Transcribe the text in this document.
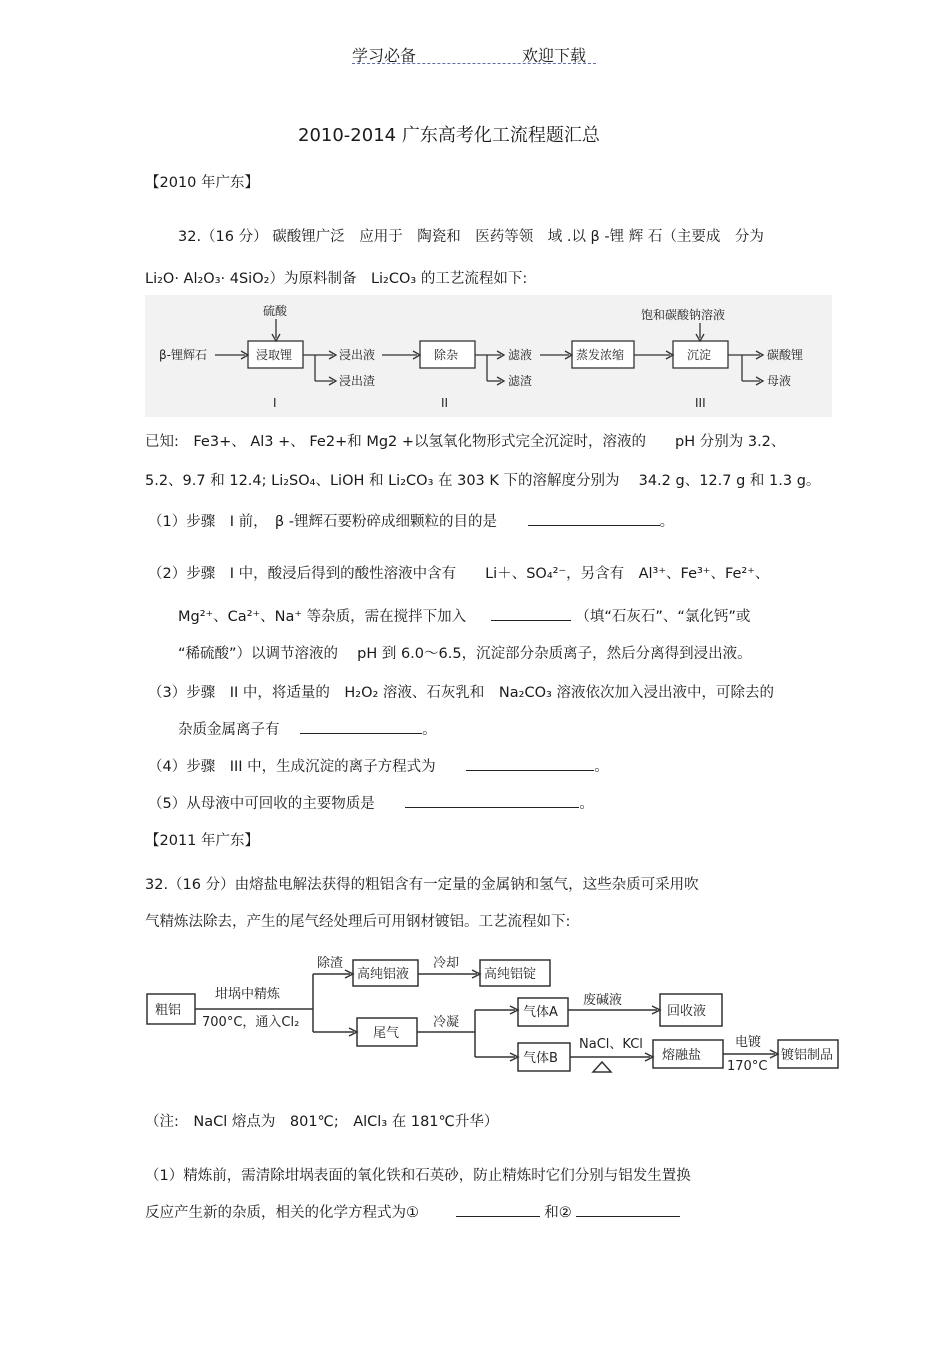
学习必备	欢迎下载
2010-2014 广东高考化工流程题汇总
【2010 年广东】
32.（16 分） 碳酸锂广泛　应用于　陶瓷和　医药等领　域 .以 β -锂 辉 石（主要成　分为
Li₂O· Al₂O₃· 4SiO₂）为原料制备　Li₂CO₃ 的工艺流程如下:
β-锂辉石
硫酸
浸取锂	浸出液
浸出渣
除杂	滤液
滤渣
蒸发浓缩
饱和碳酸钠溶液
沉淀	碳酸锂
母液
I	II	III
已知:　Fe3+、 Al3 +、 Fe2+和 Mg2 +以氢氧化物形式完全沉淀时，溶液的　　pH 分别为 3.2、
5.2、9.7 和 12.4; Li₂SO₄、LiOH 和 Li₂CO₃ 在 303 K 下的溶解度分别为　 34.2 g、12.7 g 和 1.3 g。
（1）步骤　I 前，　β -锂辉石要粉碎成细颗粒的目的是	。
（2）步骤　I 中，酸浸后得到的酸性溶液中含有　　Li＋、SO₄²⁻，另含有　Al³⁺、Fe³⁺、Fe²⁺、
Mg²⁺、Ca²⁺、Na⁺ 等杂质，需在搅拌下加入	（填“石灰石”、“氯化钙”或
“稀硫酸”）以调节溶液的　 pH 到 6.0～6.5，沉淀部分杂质离子，然后分离得到浸出液。
（3）步骤　II 中，将适量的　H₂O₂ 溶液、石灰乳和　Na₂CO₃ 溶液依次加入浸出液中，可除去的
杂质金属离子有	。
（4）步骤　III 中，生成沉淀的离子方程式为	。
（5）从母液中可回收的主要物质是	。
【2011 年广东】
32.（16 分）由熔盐电解法获得的粗铝含有一定量的金属钠和氢气，这些杂质可采用吹
气精炼法除去，产生的尾气经处理后可用钢材镀铝。工艺流程如下:
粗铝
坩埚中精炼
700°C，通入Cl₂
除渣
高纯铝液
冷却
高纯铝锭
尾气
冷凝
气体A
废碱液
回收液
气体B
NaCl、KCl
熔融盐
电镀
170°C
镀铝制品
（注:　NaCl 熔点为　801℃;　AlCl₃ 在 181℃升华）
（1）精炼前，需清除坩埚表面的氧化铁和石英砂，防止精炼时它们分别与铝发生置换
反应产生新的杂质，相关的化学方程式为①	和②
